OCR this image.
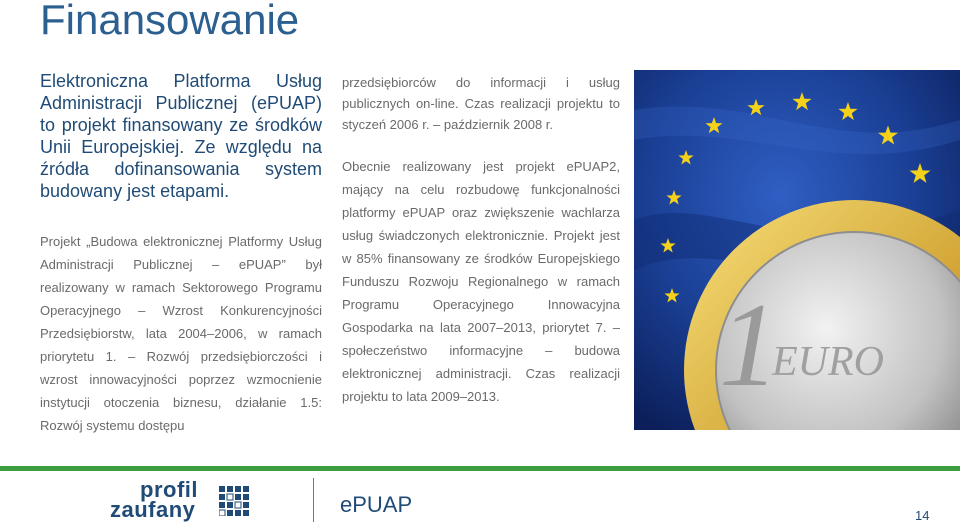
Finansowanie

Elektroniczna Platforma Usług Administracji Publicznej (ePUAP) to projekt finansowany ze środków Unii Europejskiej. Ze względu na źródła dofinansowania system budowany jest etapami.

Projekt „Budowa elektronicznej Platformy Usług Administracji Publicznej – ePUAP” był realizowany w ramach Sektorowego Programu Operacyjnego – Wzrost Konkurencyjności Przedsiębiorstw, lata 2004–2006, w ramach priorytetu 1. – Rozwój przedsiębiorczości i wzrost innowacyjności poprzez wzmocnienie instytucji otoczenia biznesu, działanie 1.5: Rozwój systemu dostępu

przedsiębiorców do informacji i usług publicznych on-line. Czas realizacji projektu to styczeń 2006 r. – październik 2008 r.

Obecnie realizowany jest projekt ePUAP2, mający na celu rozbudowę funkcjonalności platformy ePUAP oraz zwiększenie wachlarza usług świadczonych elektronicznie. Projekt jest w 85% finansowany ze środków Europejskiego Funduszu Rozwoju Regionalnego w ramach Programu Operacyjnego Innowacyjna Gospodarka na lata 2007–2013, priorytet 7. – społeczeństwo informacyjne – budowa elektronicznej administracji. Czas realizacji projektu to lata 2009–2013.	1
EURO
profil
zaufany	ePUAP	14
